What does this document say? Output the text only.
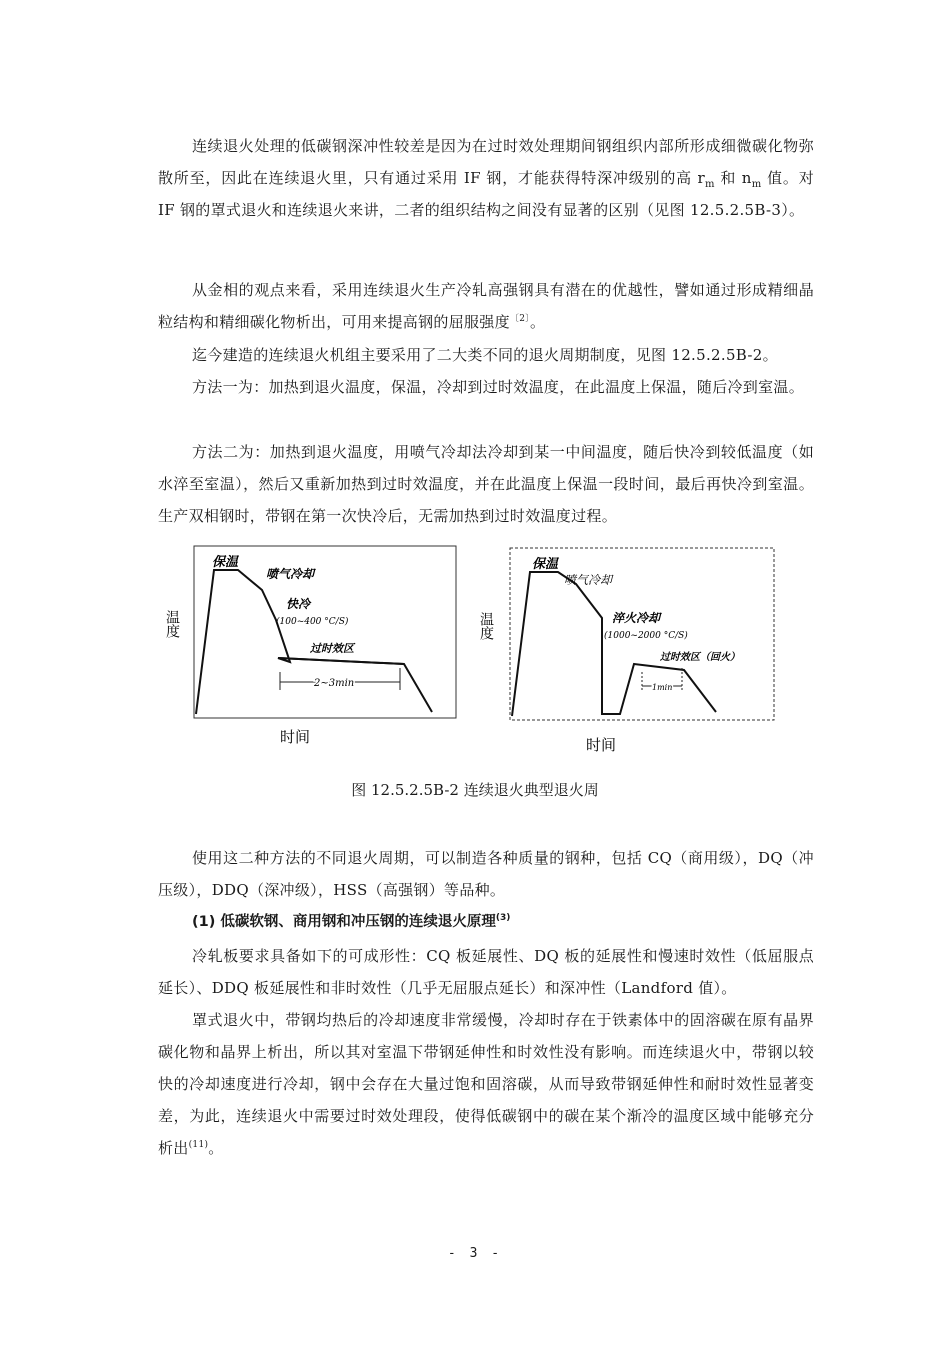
连续退火处理的低碳钢深冲性较差是因为在过时效处理期间钢组织内部所形成细微碳化物弥散所至，因此在连续退火里，只有通过采用 IF 钢，才能获得特深冲级别的高 $r_m$ 和 $n_m$ 值。对 IF 钢的罩式退火和连续退火来讲，二者的组织结构之间没有显著的区别（见图 12.5.2.5B-3）。

从金相的观点来看，采用连续退火生产冷轧高强钢具有潜在的优越性，譬如通过形成精细晶粒结构和精细碳化物析出，可用来提高钢的屈服强度$^{〔2〕}$。

迄今建造的连续退火机组主要采用了二大类不同的退火周期制度，见图 12.5.2.5B-2。

方法一为：加热到退火温度，保温，冷却到过时效温度，在此温度上保温，随后冷到室温。

方法二为：加热到退火温度，用喷气冷却法冷却到某一中间温度，随后快冷到较低温度（如水淬至室温），然后又重新加热到过时效温度，并在此温度上保温一段时间，最后再快冷到室温。生产双相钢时，带钢在第一次快冷后，无需加热到过时效温度过程。

保温
喷气冷却
快冷
(100~400 °C/S)
过时效区
2~3min
温度
时间
保温
喷气冷却
淬火冷却
(1000~2000 °C/S)
过时效区（回火）
1min
温度
时间
图 12.5.2.5B-2 连续退火典型退火周

使用这二种方法的不同退火周期，可以制造各种质量的钢种，包括 CQ（商用级），DQ（冲压级），DDQ（深冲级），HSS（高强钢）等品种。

(1) 低碳软钢、商用钢和冲压钢的连续退火原理$^{(3)}$

冷轧板要求具备如下的可成形性：CQ 板延展性、DQ 板的延展性和慢速时效性（低屈服点延长）、DDQ 板延展性和非时效性（几乎无屈服点延长）和深冲性（Landford 值）。

罩式退火中，带钢均热后的冷却速度非常缓慢，冷却时存在于铁素体中的固溶碳在原有晶界碳化物和晶界上析出，所以其对室温下带钢延伸性和时效性没有影响。而连续退火中，带钢以较快的冷却速度进行冷却，钢中会存在大量过饱和固溶碳，从而导致带钢延伸性和耐时效性显著变差，为此，连续退火中需要过时效处理段，使得低碳钢中的碳在某个渐冷的温度区域中能够充分析出$^{(11)}$。

- 3 -
